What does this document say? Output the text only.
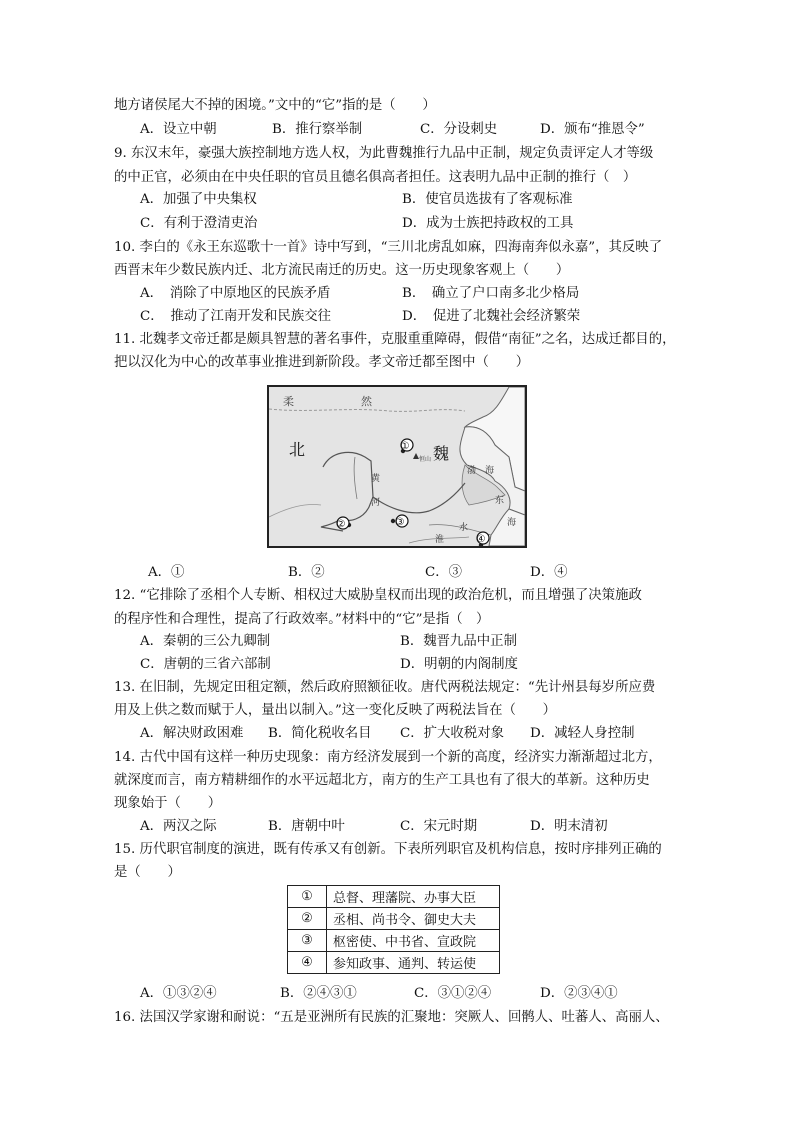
地方诸侯尾大不掉的困境。”文中的“它”指的是（　　）
A．设立中朝	B．推行察举制	C．分设刺史	D．颁布“推恩令”
9. 东汉末年，豪强大族控制地方选人权，为此曹魏推行九品中正制，规定负责评定人才等级
的中正官，必须由在中央任职的官员且德名俱高者担任。这表明九品中正制的推行（　）
A．加强了中央集权	B．使官员选拔有了客观标准
C．有利于澄清吏治	D．成为士族把持政权的工具
10. 李白的《永王东巡歌十一首》诗中写到，“三川北虏乱如麻，四海南奔似永嘉”，其反映了
西晋末年少数民族内迁、北方流民南迁的历史。这一历史现象客观上（　　）
A．　消除了中原地区的民族矛盾	B．　确立了户口南多北少格局
C．　推动了江南开发和民族交往	D．　促进了北魏社会经济繁荣
11. 北魏孝文帝迁都是颇具智慧的著名事件，克服重重障碍，假借“南征”之名，达成迁都目的，
把以汉化为中心的改革事业推进到新阶段。孝文帝迁都至图中（　　）
柔	然
北	魏
黄
河
渤 海
东
海
水
淮
恒山
①
②	③
④
A．①	B．②	C．③	D．④
12. “它排除了丞相个人专断、相权过大威胁皇权而出现的政治危机，而且增强了决策施政
的程序性和合理性，提高了行政效率。”材料中的“它”是指（　）
A．秦朝的三公九卿制	B．魏晋九品中正制
C．唐朝的三省六部制	D．明朝的内阁制度
13. 在旧制，先规定田租定额，然后政府照额征收。唐代两税法规定：“先计州县每岁所应费
用及上供之数而赋于人，量出以制入。”这一变化反映了两税法旨在（　　）
A．解决财政困难 B．简化税收名目 C．扩大收税对象 D．减轻人身控制
14. 古代中国有这样一种历史现象：南方经济发展到一个新的高度，经济实力渐渐超过北方，
就深度而言，南方精耕细作的水平远超北方，南方的生产工具也有了很大的革新。这种历史
现象始于（　　）
A．两汉之际	B．唐朝中叶	C．宋元时期	D．明末清初
15. 历代职官制度的演进，既有传承又有创新。下表所列职官及机构信息，按时序排列正确的
是（　　）
①	总督、理藩院、办事大臣
②	丞相、尚书令、御史大夫
③	枢密使、中书省、宣政院
④	参知政事、通判、转运使
A．①③②④	B．②④③①	C．③①②④	D．②③④①
16. 法国汉学家谢和耐说：“五是亚洲所有民族的汇聚地：突厥人、回鹘人、吐蕃人、高丽人、
